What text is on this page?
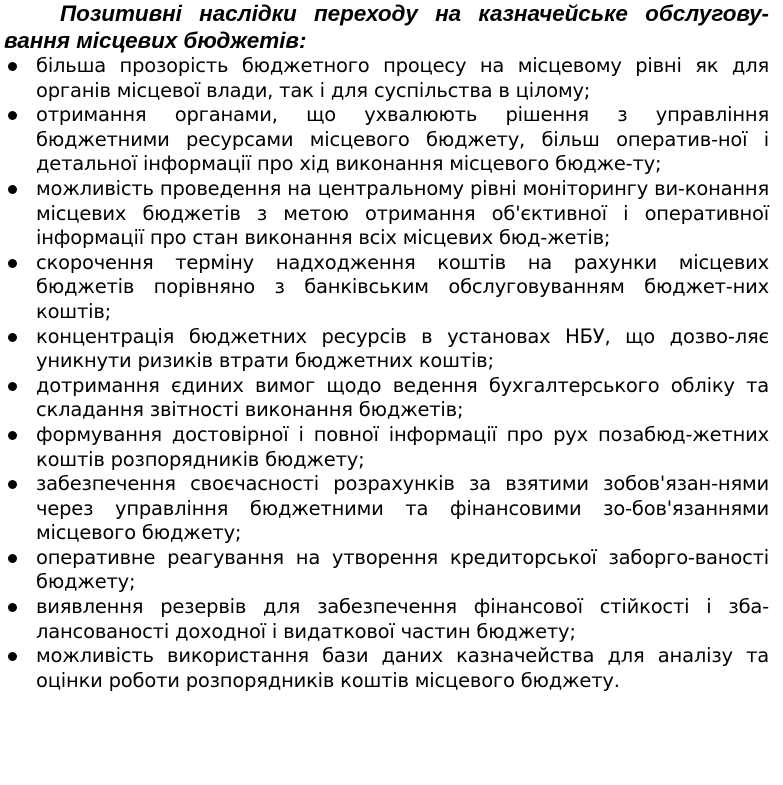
Позитивні наслідки переходу на казначейське обслугову-вання місцевих бюджетів:

більша прозорість бюджетного процесу на місцевому рівні як для органів місцевої влади, так і для суспільства в цілому;
отримання органами, що ухвалюють рішення з управління бюджетними ресурсами місцевого бюджету, більш оператив-ної і детальної інформації про хід виконання місцевого бюдже-ту;
можливість проведення на центральному рівні моніторингу ви-конання місцевих бюджетів з метою отримання об'єктивної і оперативної інформації про стан виконання всіх місцевих бюд-жетів;
скорочення терміну надходження коштів на рахунки місцевих бюджетів порівняно з банківським обслуговуванням бюджет-них коштів;
концентрація бюджетних ресурсів в установах НБУ, що дозво-ляє уникнути ризиків втрати бюджетних коштів;
дотримання єдиних вимог щодо ведення бухгалтерського обліку та складання звітності виконання бюджетів;
формування достовірної і повної інформації про рух позабюд-жетних коштів розпорядників бюджету;
забезпечення своєчасності розрахунків за взятими зобов'язан-нями через управління бюджетними та фінансовими зо-бов'язаннями місцевого бюджету;
оперативне реагування на утворення кредиторської заборго-ваності бюджету;
виявлення резервів для забезпечення фінансової стійкості і зба-лансованості доходної і видаткової частин бюджету;
можливість використання бази даних казначейства для аналізу та оцінки роботи розпорядників коштів місцевого бюджету.
